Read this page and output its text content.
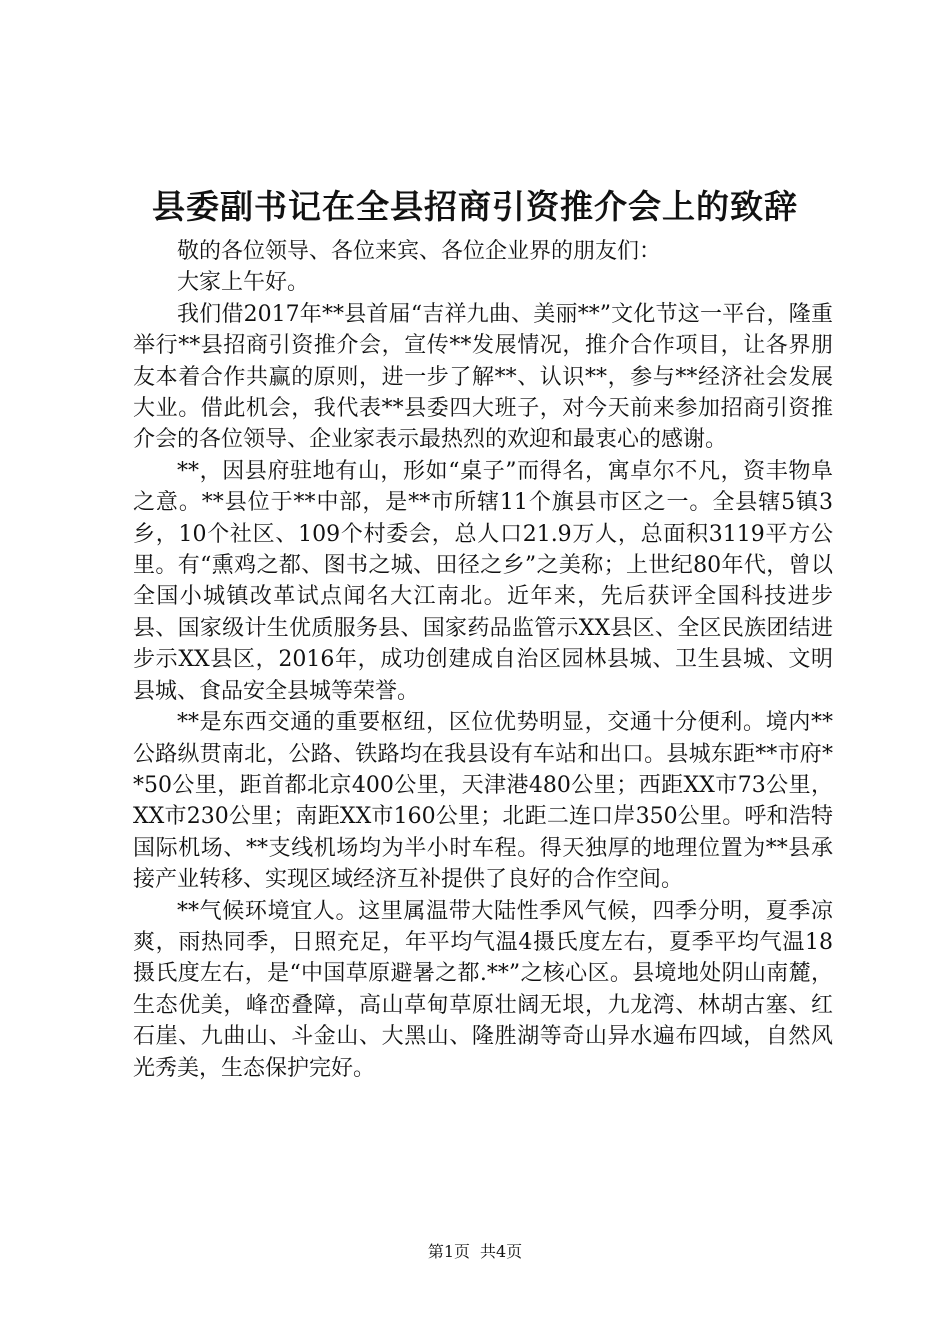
县委副书记在全县招商引资推介会上的致辞

敬的各位领导、各位来宾、各位企业界的朋友们：

大家上午好。

我们借2017年**县首届“吉祥九曲、美丽**”文化节这一平台，隆重举行**县招商引资推介会，宣传**发展情况，推介合作项目，让各界朋友本着合作共赢的原则，进一步了解**、认识**，参与**经济社会发展大业。借此机会，我代表**县委四大班子，对今天前来参加招商引资推介会的各位领导、企业家表示最热烈的欢迎和最衷心的感谢。

**，因县府驻地有山，形如“桌子”而得名，寓卓尔不凡，资丰物阜之意。**县位于**中部，是**市所辖11个旗县市区之一。全县辖5镇3乡，10个社区、109个村委会，总人口21.9万人，总面积3119平方公里。有“熏鸡之都、图书之城、田径之乡”之美称；上世纪80年代，曾以全国小城镇改革试点闻名大江南北。近年来，先后获评全国科技进步县、国家级计生优质服务县、国家药品监管示XX县区、全区民族团结进步示XX县区，2016年，成功创建成自治区园林县城、卫生县城、文明县城、食品安全县城等荣誉。

**是东西交通的重要枢纽，区位优势明显，交通十分便利。境内**公路纵贯南北，公路、铁路均在我县设有车站和出口。县城东距**市府**50公里，距首都北京400公里，天津港480公里；西距XX市73公里，XX市230公里；南距XX市160公里；北距二连口岸350公里。呼和浩特国际机场、**支线机场均为半小时车程。得天独厚的地理位置为**县承接产业转移、实现区域经济互补提供了良好的合作空间。

**气候环境宜人。这里属温带大陆性季风气候，四季分明，夏季凉爽，雨热同季，日照充足，年平均气温4摄氏度左右，夏季平均气温18摄氏度左右，是“中国草原避暑之都.**”之核心区。县境地处阴山南麓，生态优美，峰峦叠障，高山草甸草原壮阔无垠，九龙湾、林胡古塞、红石崖、九曲山、斗金山、大黑山、隆胜湖等奇山异水遍布四域，自然风光秀美，生态保护完好。

第1页 共4页
